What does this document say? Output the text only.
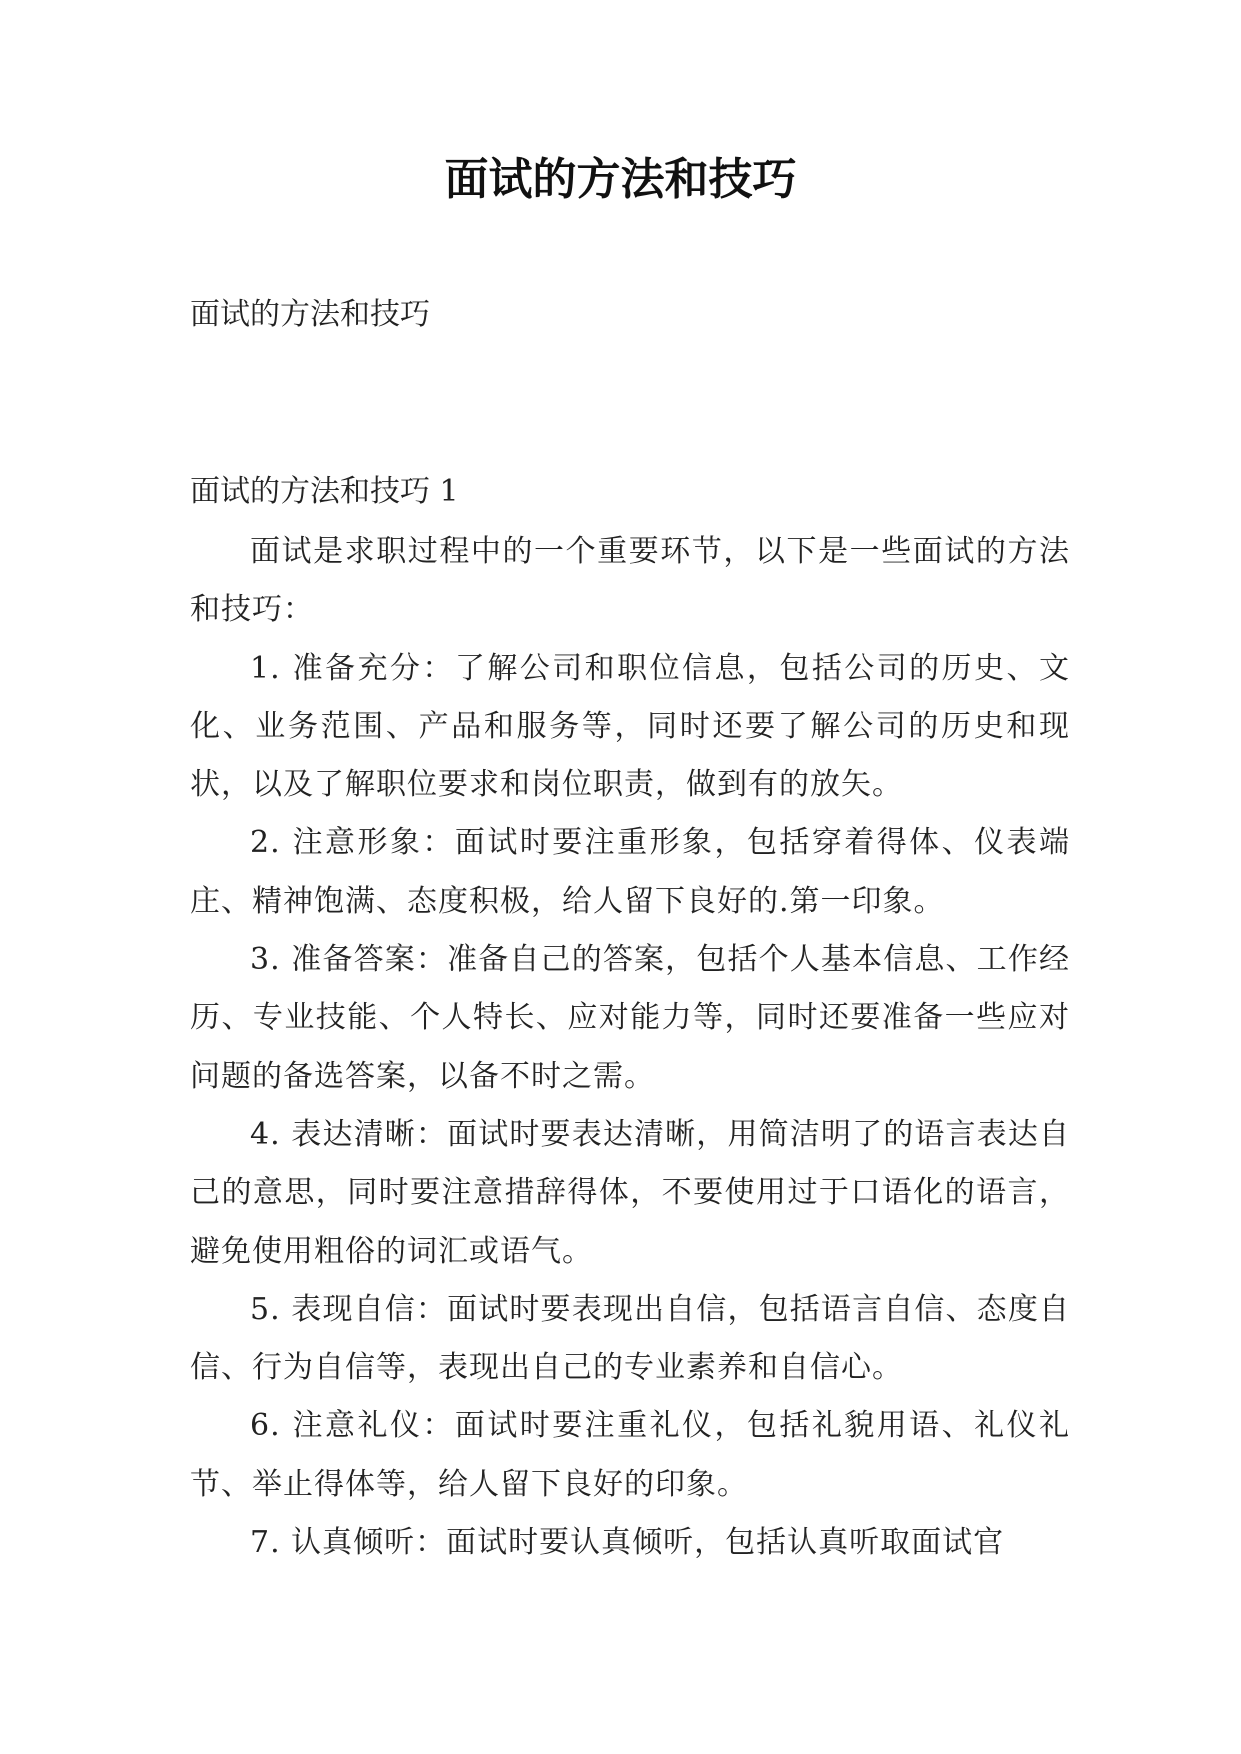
面试的方法和技巧

面试的方法和技巧

面试的方法和技巧 1

面试是求职过程中的一个重要环节，以下是一些面试的方法和技巧：

1. 准备充分：了解公司和职位信息，包括公司的历史、文化、业务范围、产品和服务等，同时还要了解公司的历史和现状，以及了解职位要求和岗位职责，做到有的放矢。

2. 注意形象：面试时要注重形象，包括穿着得体、仪表端庄、精神饱满、态度积极，给人留下良好的.第一印象。

3. 准备答案：准备自己的答案，包括个人基本信息、工作经历、专业技能、个人特长、应对能力等，同时还要准备一些应对问题的备选答案，以备不时之需。

4. 表达清晰：面试时要表达清晰，用简洁明了的语言表达自己的意思，同时要注意措辞得体，不要使用过于口语化的语言，避免使用粗俗的词汇或语气。

5. 表现自信：面试时要表现出自信，包括语言自信、态度自信、行为自信等，表现出自己的专业素养和自信心。

6. 注意礼仪：面试时要注重礼仪，包括礼貌用语、礼仪礼节、举止得体等，给人留下良好的印象。

7. 认真倾听：面试时要认真倾听，包括认真听取面试官
